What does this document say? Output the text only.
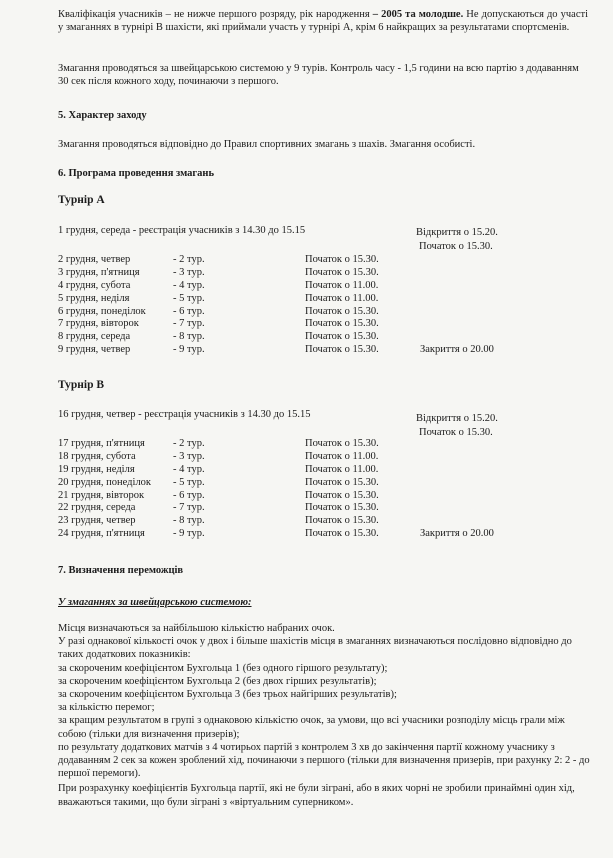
Кваліфікація учасників – не нижче першого розряду, рік народження – 2005 та молодше. Не допускаються до участі у змаганнях в турнірі В шахісти, які приймали участь у турнірі А, крім 6 найкращих за результатами спортсменів.

Змагання проводяться за швейцарською системою у 9 турів. Контроль часу - 1,5 години на всю партію з додаванням 30 сек після кожного ходу, починаючи з першого.

5. Характер заходу
Змагання проводяться відповідно до Правил спортивних змагань з шахів. Змагання особисті.
6. Програма проведення змагань
Турнір А
1 грудня, середа - реєстрація учасників з 14.30 до 15.15	Відкриття о 15.20.
Початок о 15.30.
2 грудня, четвер	- 2 тур.	Початок о 15.30.
3 грудня, п'ятниця	- 3 тур.	Початок о 15.30.
4 грудня, субота	- 4 тур.	Початок о 11.00.
5 грудня, неділя	- 5 тур.	Початок о 11.00.
6 грудня, понеділок	- 6 тур.	Початок о 15.30.
7 грудня, вівторок	- 7 тур.	Початок о 15.30.
8 грудня, середа	- 8 тур.	Початок о 15.30.
9 грудня, четвер	- 9 тур.	Початок о 15.30.	Закриття о 20.00
Турнір В
16 грудня, четвер - реєстрація учасників з 14.30 до 15.15	Відкриття о 15.20.
Початок о 15.30.
17 грудня, п'ятниця	- 2 тур.	Початок о 15.30.
18 грудня, субота	- 3 тур.	Початок о 11.00.
19 грудня, неділя	- 4 тур.	Початок о 11.00.
20 грудня, понеділок - 5 тур.	Початок о 15.30.
21 грудня, вівторок	- 6 тур.	Початок о 15.30.
22 грудня, середа	- 7 тур.	Початок о 15.30.
23 грудня, четвер	- 8 тур.	Початок о 15.30.
24 грудня, п'ятниця	- 9 тур.	Початок о 15.30.	Закриття о 20.00
7. Визначення переможців
У змаганнях за швейцарською системою:

Місця визначаються за найбільшою кількістю набраних очок.

У разі однакової кількості очок у двох і більше шахістів місця в змаганнях визначаються послідовно відповідно до таких додаткових показників:

за скороченим коефіцієнтом Бухгольца 1 (без одного гіршого результату);

за скороченим коефіцієнтом Бухгольца 2 (без двох гірших результатів);

за скороченим коефіцієнтом Бухгольца 3 (без трьох найгірших результатів);

за кількістю перемог;

за кращим результатом в групі з однаковою кількістю очок, за умови, що всі учасники розподілу місць грали між собою (тільки для визначення призерів);

по результату додаткових матчів з 4 чотирьох партій з контролем 3 хв до закінчення партії кожному учаснику з додаванням 2 сек за кожен зроблений хід, починаючи з першого (тільки для визначення призерів, при рахунку 2: 2 - до першої перемоги).

При розрахунку коефіцієнтів Бухгольца партії, які не були зіграні, або в яких чорні не зробили принаймні один хід, вважаються такими, що були зіграні з «віртуальним суперником».
